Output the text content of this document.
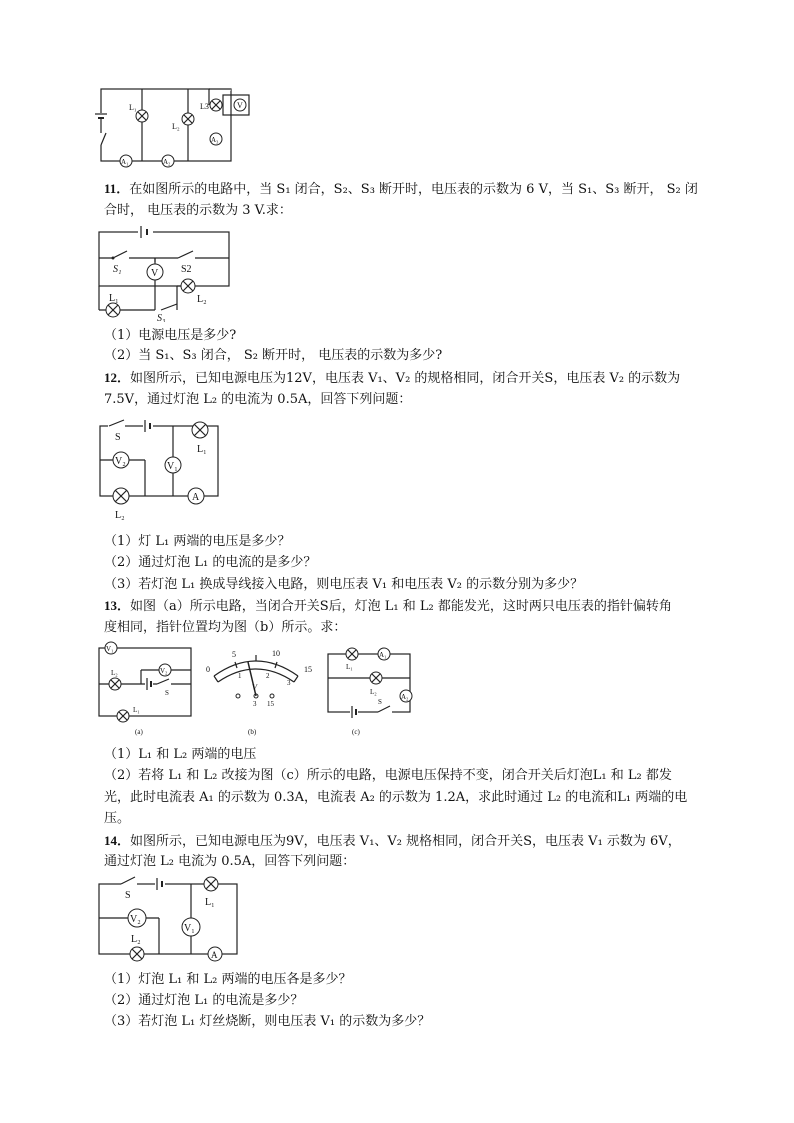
V
A₃
A₁	A₂
L₁
L₂
L3
11．在如图所示的电路中，当 S₁ 闭合，S₂、S₃ 断开时，电压表的示数为 6 V，当 S₁、S₃ 断开， S₂ 闭
合时， 电压表的示数为 3 V.求：
V
S₁	S2
L₁	L₂
S₃
（1）电源电压是多少?
（2）当 S₁、S₃ 闭合， S₂ 断开时， 电压表的示数为多少?
12．如图所示，已知电源电压为12V，电压表 V₁、V₂ 的规格相同，闭合开关S，电压表 V₂ 的示数为
7.5V，通过灯泡 L₂ 的电流为 0.5A，回答下列问题：
V₂	V₁
A
S
L₁
L₂
（1）灯 L₁ 两端的电压是多少？
（2）通过灯泡 L₁ 的电流的是多少？
（3）若灯泡 L₁ 换成导线接入电路，则电压表 V₁ 和电压表 V₂ 的示数分别为多少？
13．如图（a）所示电路，当闭合开关S后，灯泡 L₁ 和 L₂ 都能发光，这时两只电压表的指针偏转角
度相同，指针位置均为图（b）所示。求：
V₁
V₂
L₂
S
L₁
(a)
0
5	10
15
1	2
3
V
3 15
(b)
A₁
A₂
L₁
L₂
S
(c)
（1）L₁ 和 L₂ 两端的电压
（2）若将 L₁ 和 L₂ 改接为图（c）所示的电路，电源电压保持不变，闭合开关后灯泡L₁ 和 L₂ 都发
光，此时电流表 A₁ 的示数为 0.3A，电流表 A₂ 的示数为 1.2A，求此时通过 L₂ 的电流和L₁ 两端的电
压。
14．如图所示，已知电源电压为9V，电压表 V₁、V₂ 规格相同，闭合开关S，电压表 V₁ 示数为 6V，
通过灯泡 L₂ 电流为 0.5A，回答下列问题：
V₂
V₁
A
S
L₁
L₂
（1）灯泡 L₁ 和 L₂ 两端的电压各是多少？
（2）通过灯泡 L₁ 的电流是多少？
（3）若灯泡 L₁ 灯丝烧断，则电压表 V₁ 的示数为多少？
